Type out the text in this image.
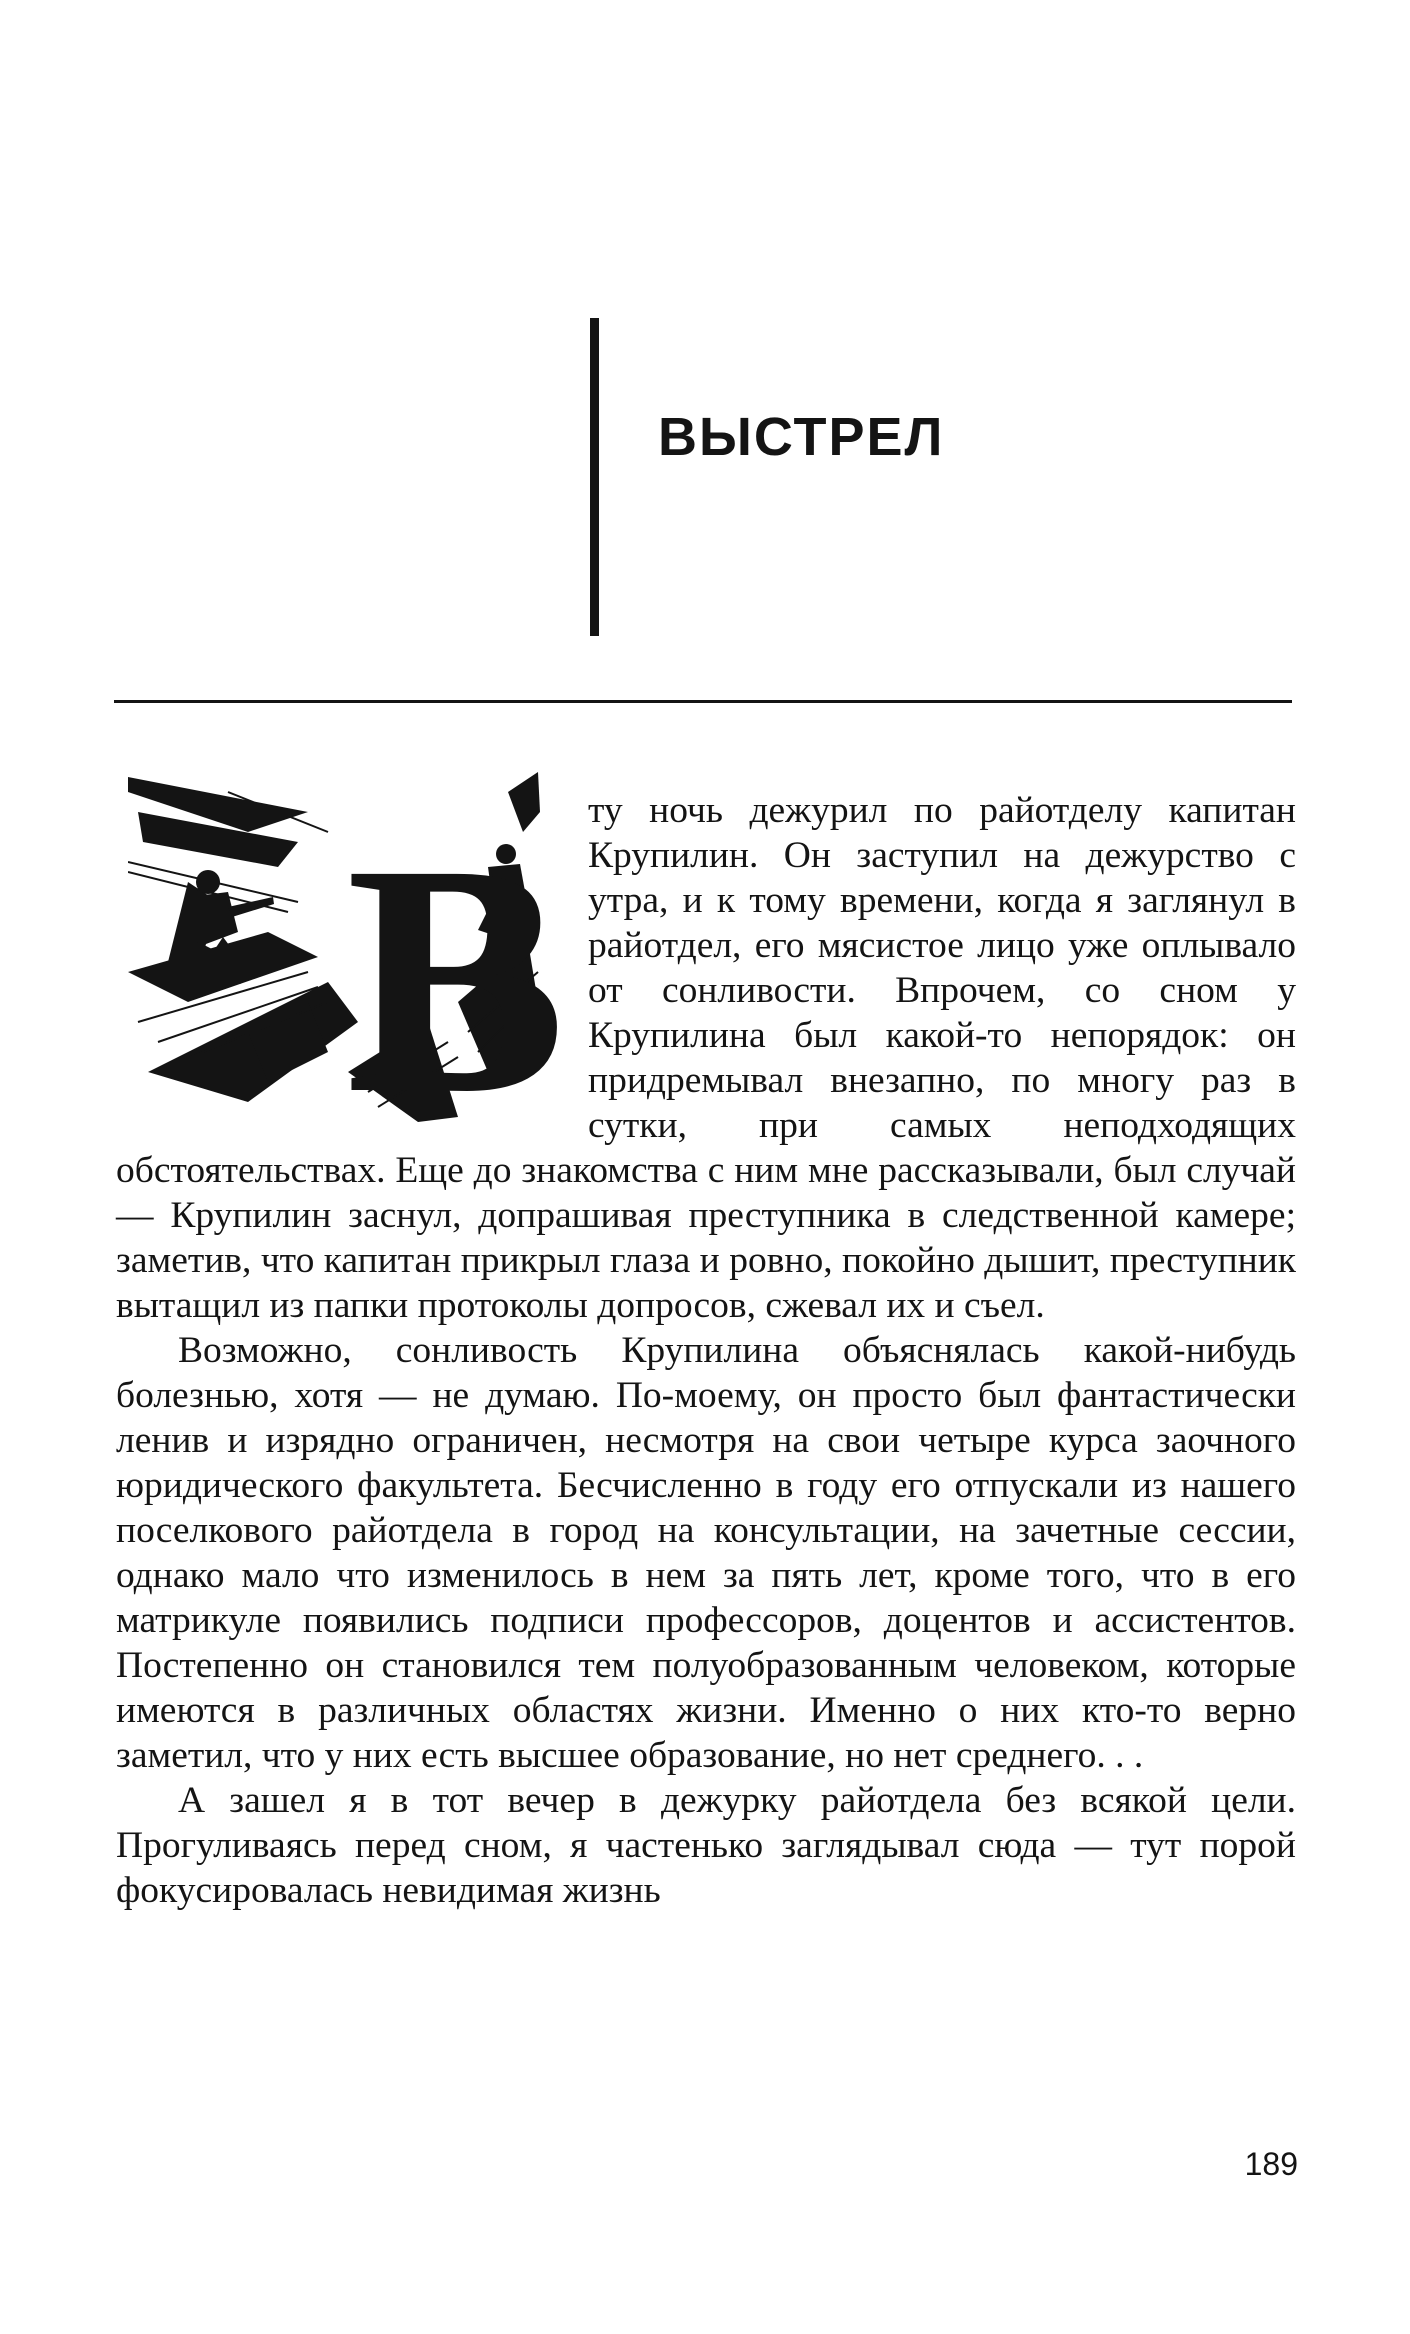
ВЫСТРЕЛ
В ту ночь дежурил по райотделу капитан Крупилин. Он заступил на дежурство с утра, и к тому времени, когда я заглянул в райотдел, его мясистое лицо уже оплывало от сонливости. Впрочем, со сном у Крупилина был какой-то непорядок: он придремывал внезапно, по многу раз в сутки, при самых неподходящих обстоятельствах. Еще до знакомства с ним мне рассказывали, был случай — Крупилин заснул, допрашивая преступника в следственной камере; заметив, что капитан прикрыл глаза и ровно, покойно дышит, преступник вытащил из папки протоколы допросов, сжевал их и съел.

Возможно, сонливость Крупилина объяснялась какой-нибудь болезнью, хотя — не думаю. По-моему, он просто был фантастически ленив и изрядно ограничен, несмотря на свои четыре курса заочного юридического факультета. Бесчисленно в году его отпускали из нашего поселкового райотдела в город на консультации, на зачетные сессии, однако мало что изменилось в нем за пять лет, кроме того, что в его матрикуле появились подписи профессоров, доцентов и ассистентов. Постепенно он становился тем полуобразованным человеком, которые имеются в различных областях жизни. Именно о них кто-то верно заметил, что у них есть высшее образование, но нет среднего. . .

А зашел я в тот вечер в дежурку райотдела без всякой цели. Прогуливаясь перед сном, я частенько заглядывал сюда — тут порой фокусировалась невидимая жизнь

189
